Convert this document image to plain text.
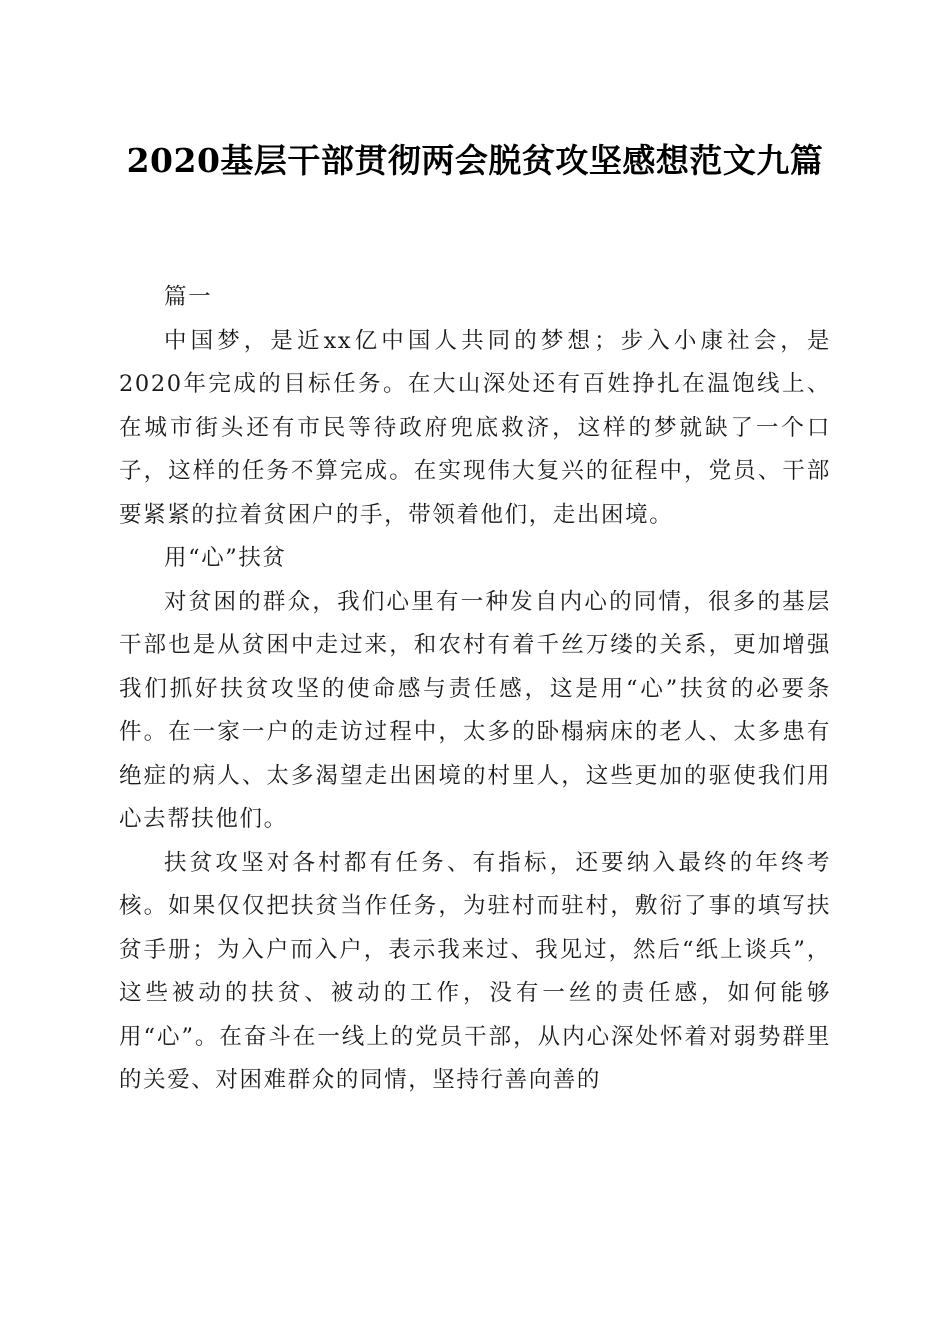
2020基层干部贯彻两会脱贫攻坚感想范文九篇

篇一

中国梦，是近xx亿中国人共同的梦想；步入小康社会，是2020年完成的目标任务。在大山深处还有百姓挣扎在温饱线上、在城市街头还有市民等待政府兜底救济，这样的梦就缺了一个口子，这样的任务不算完成。在实现伟大复兴的征程中，党员、干部要紧紧的拉着贫困户的手，带领着他们，走出困境。

用“心”扶贫

对贫困的群众，我们心里有一种发自内心的同情，很多的基层干部也是从贫困中走过来，和农村有着千丝万缕的关系，更加增强我们抓好扶贫攻坚的使命感与责任感，这是用“心”扶贫的必要条件。在一家一户的走访过程中，太多的卧榻病床的老人、太多患有绝症的病人、太多渴望走出困境的村里人，这些更加的驱使我们用心去帮扶他们。

扶贫攻坚对各村都有任务、有指标，还要纳入最终的年终考核。如果仅仅把扶贫当作任务，为驻村而驻村，敷衍了事的填写扶贫手册；为入户而入户，表示我来过、我见过，然后“纸上谈兵”，这些被动的扶贫、被动的工作，没有一丝的责任感，如何能够用“心”。在奋斗在一线上的党员干部，从内心深处怀着对弱势群里的关爱、对困难群众的同情，坚持行善向善的
